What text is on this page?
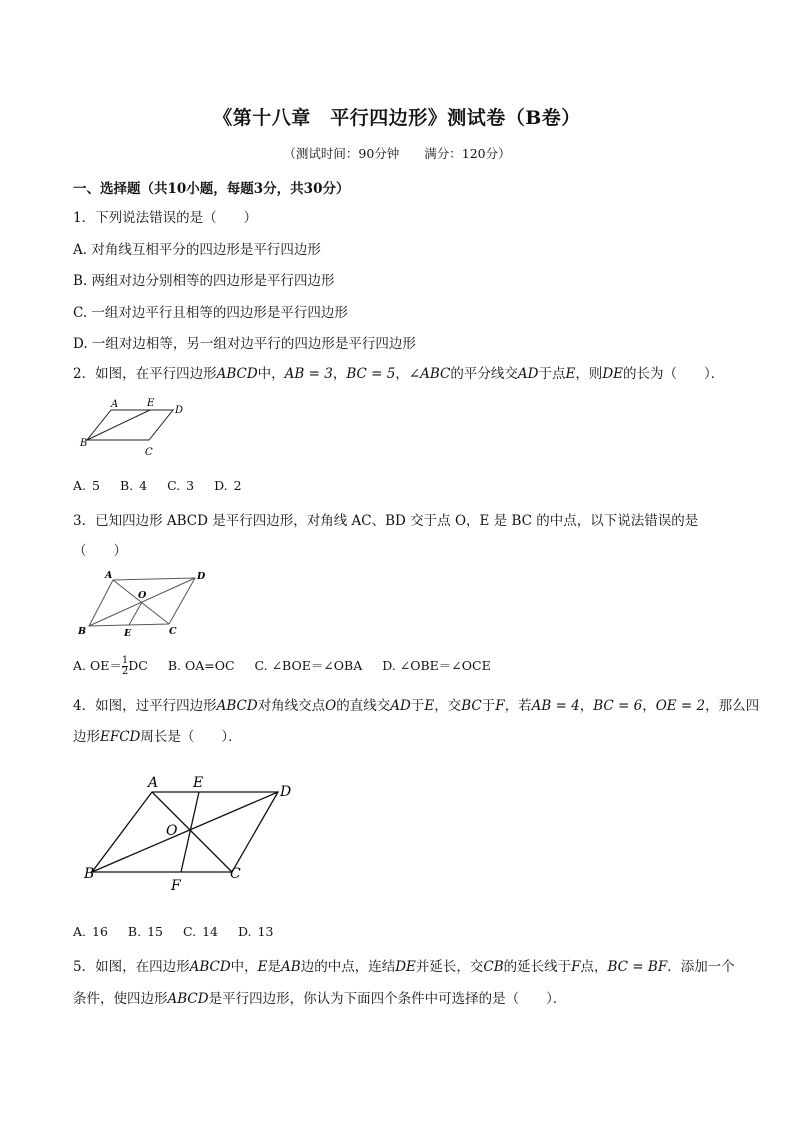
《第十八章　平行四边形》测试卷（B卷）
（测试时间：90分钟　　满分：120分）
一、选择题（共10小题，每题3分，共30分）
1．下列说法错误的是（　　）
A. 对角线互相平分的四边形是平行四边形
B. 两组对边分别相等的四边形是平行四边形
C. 一组对边平行且相等的四边形是平行四边形
D. 一组对边相等，另一组对边平行的四边形是平行四边形
2．如图，在平行四边形ABCD中，AB = 3，BC = 5，∠ABC的平分线交AD于点E，则DE的长为（　　）．
A	E
D
B
C
A. 5 B. 4 C. 3 D. 2
3．已知四边形 ABCD 是平行四边形，对角线 AC、BD 交于点 O，E 是 BC 的中点，以下说法错误的是
（　　）
A	D
O
B	E	C
A. $OE= \frac{1}{2}DC$ B. OA=OC C. ∠BOE＝∠OBA D. ∠OBE＝∠OCE
4．如图，过平行四边形ABCD对角线交点O的直线交AD于E，交BC于F，若AB = 4，BC = 6，OE = 2，那么四
边形EFCD周长是（　　）．
A E
D
O
B
F
C
A. 16 B. 15 C. 14 D. 13
5．如图，在四边形ABCD中，E是AB边的中点，连结DE并延长，交CB的延长线于F点，BC = BF．添加一个
条件，使四边形ABCD是平行四边形，你认为下面四个条件中可选择的是（　　）．
